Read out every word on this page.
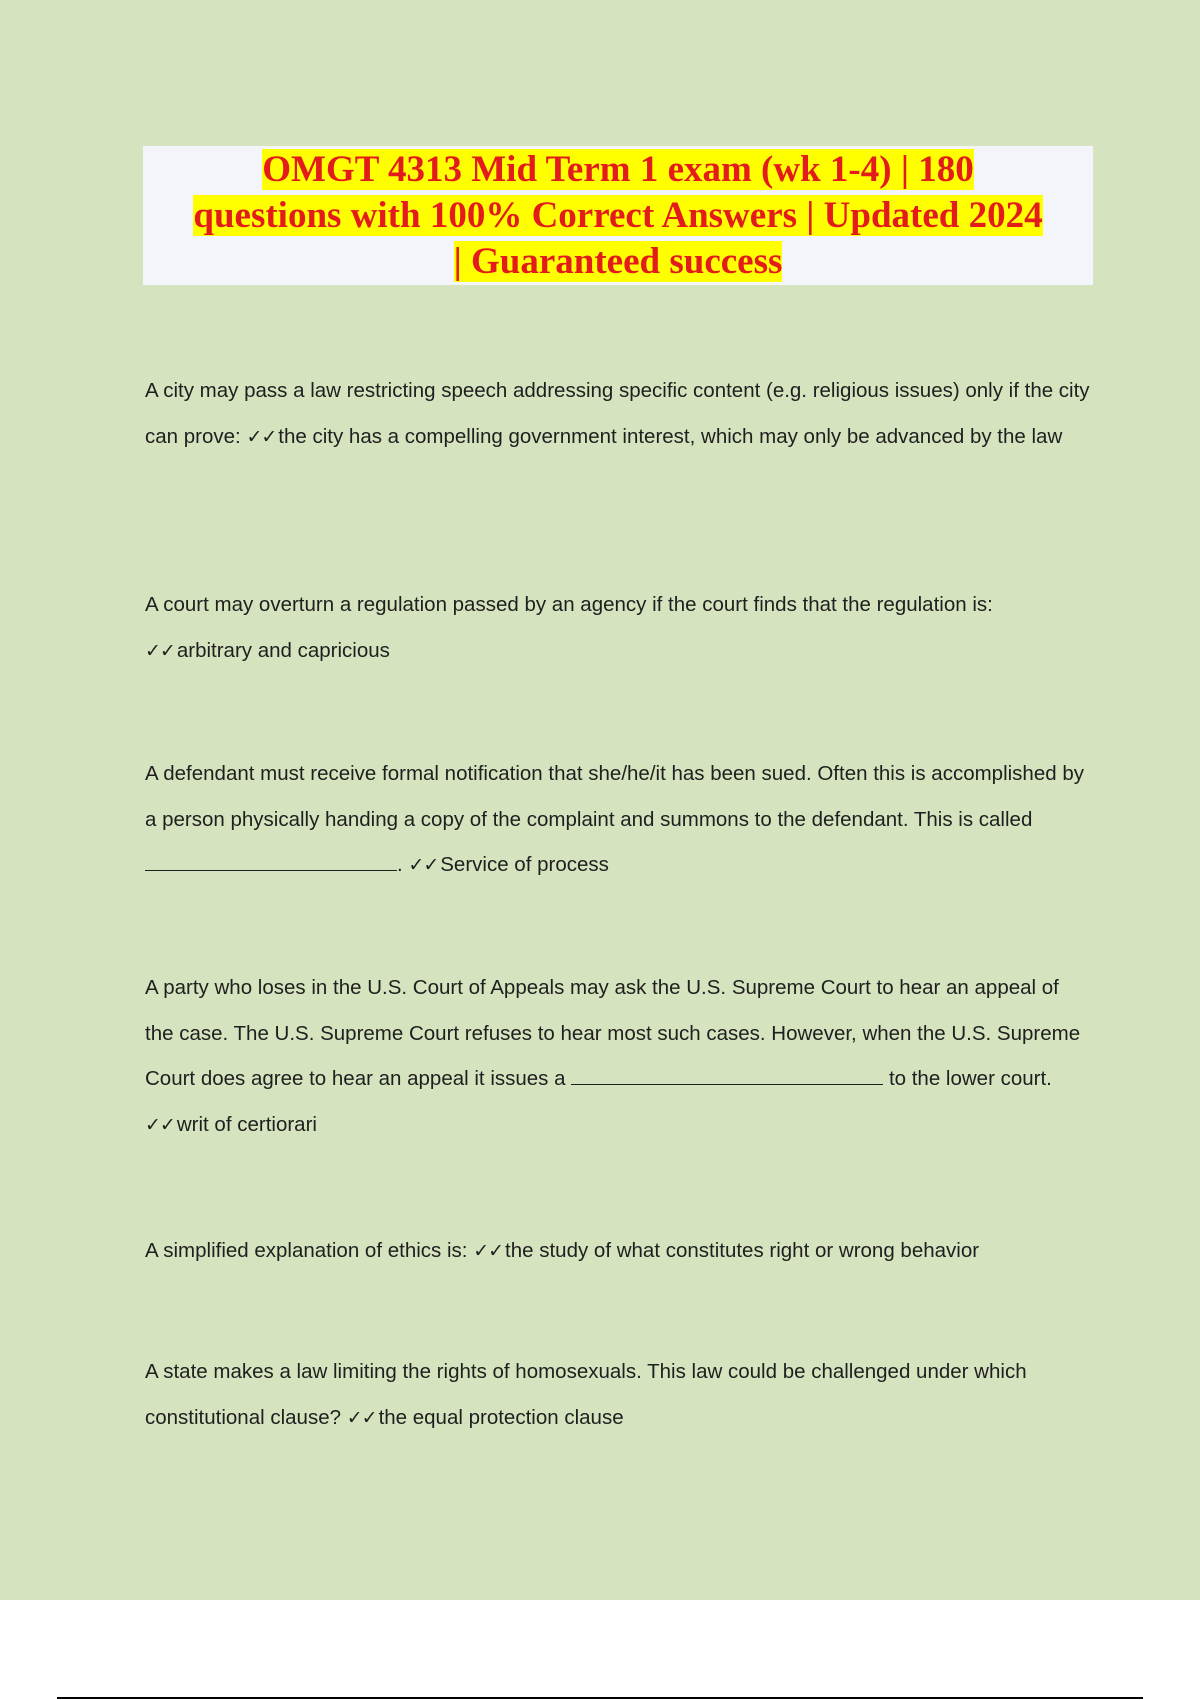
OMGT 4313 Mid Term 1 exam (wk 1-4) | 180
questions with 100% Correct Answers | Updated 2024
| Guaranteed success
A city may pass a law restricting speech addressing specific content (e.g. religious issues) only if the city can prove: ✓✓the city has a compelling government interest, which may only be advanced by the law
A court may overturn a regulation passed by an agency if the court finds that the regulation is: ✓✓arbitrary and capricious
A defendant must receive formal notification that she/he/it has been sued. Often this is accomplished by a person physically handing a copy of the complaint and summons to the defendant. This is called . ✓✓Service of process
A party who loses in the U.S. Court of Appeals may ask the U.S. Supreme Court to hear an appeal of the case. The U.S. Supreme Court refuses to hear most such cases. However, when the U.S. Supreme Court does agree to hear an appeal it issues a	to the lower court. ✓✓writ of certiorari
A simplified explanation of ethics is: ✓✓the study of what constitutes right or wrong behavior
A state makes a law limiting the rights of homosexuals. This law could be challenged under which constitutional clause? ✓✓the equal protection clause
